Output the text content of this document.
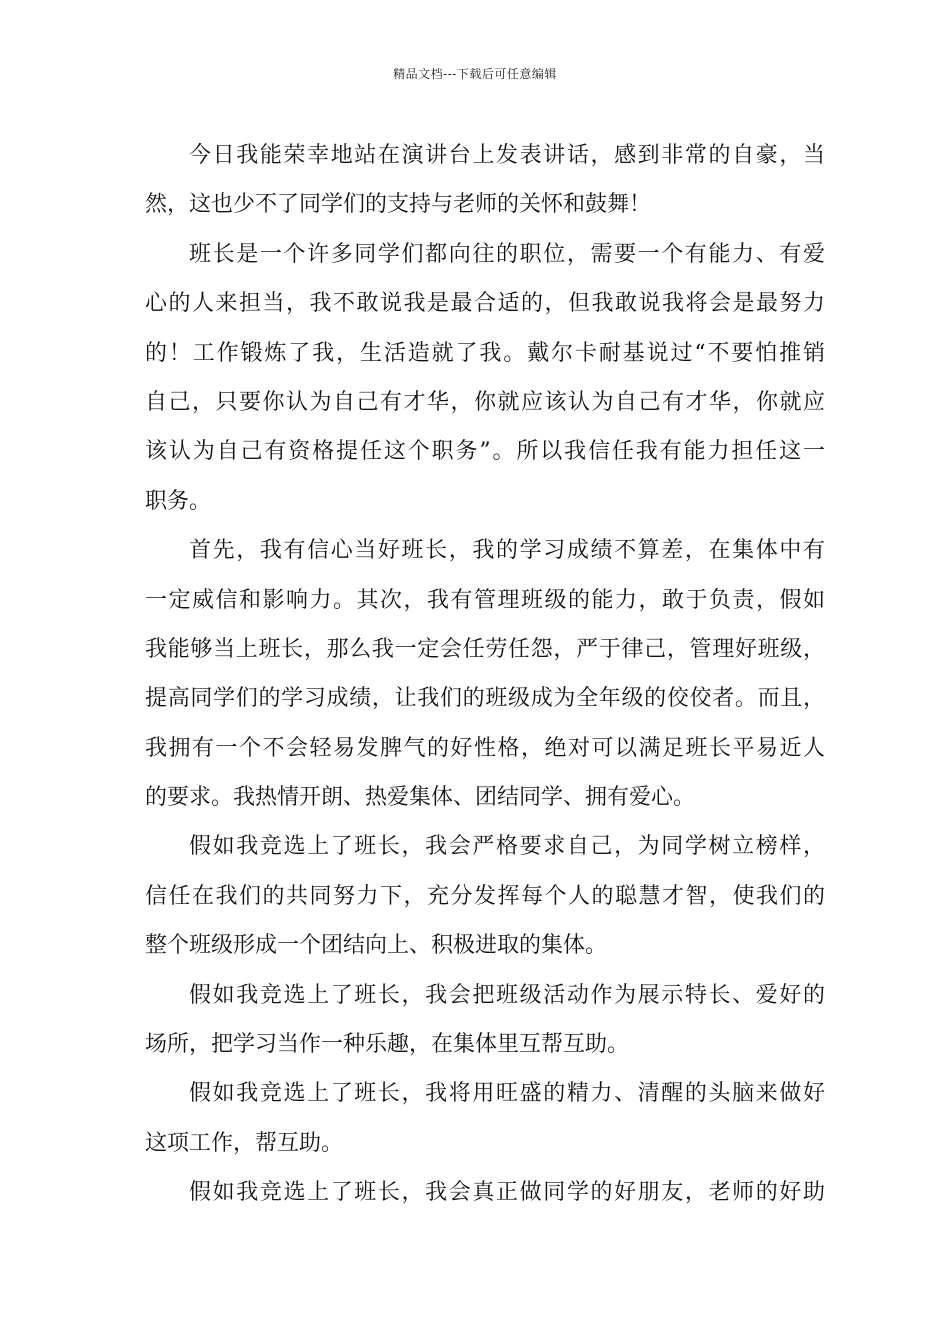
精品文档---下载后可任意编辑
今日我能荣幸地站在演讲台上发表讲话，感到非常的自豪，当
然，这也少不了同学们的支持与老师的关怀和鼓舞！
班长是一个许多同学们都向往的职位，需要一个有能力、有爱
心的人来担当，我不敢说我是最合适的，但我敢说我将会是最努力
的！工作锻炼了我，生活造就了我。戴尔卡耐基说过“不要怕推销
自己，只要你认为自己有才华，你就应该认为自己有才华，你就应
该认为自己有资格提任这个职务”。所以我信任我有能力担任这一
职务。
首先，我有信心当好班长，我的学习成绩不算差，在集体中有
一定威信和影响力。其次，我有管理班级的能力，敢于负责，假如
我能够当上班长，那么我一定会任劳任怨，严于律己，管理好班级，
提高同学们的学习成绩，让我们的班级成为全年级的佼佼者。而且，
我拥有一个不会轻易发脾气的好性格，绝对可以满足班长平易近人
的要求。我热情开朗、热爱集体、团结同学、拥有爱心。
假如我竞选上了班长，我会严格要求自己，为同学树立榜样，
信任在我们的共同努力下，充分发挥每个人的聪慧才智，使我们的
整个班级形成一个团结向上、积极进取的集体。
假如我竞选上了班长，我会把班级活动作为展示特长、爱好的
场所，把学习当作一种乐趣，在集体里互帮互助。
假如我竞选上了班长，我将用旺盛的精力、清醒的头脑来做好
这项工作，帮互助。
假如我竞选上了班长，我会真正做同学的好朋友，老师的好助
